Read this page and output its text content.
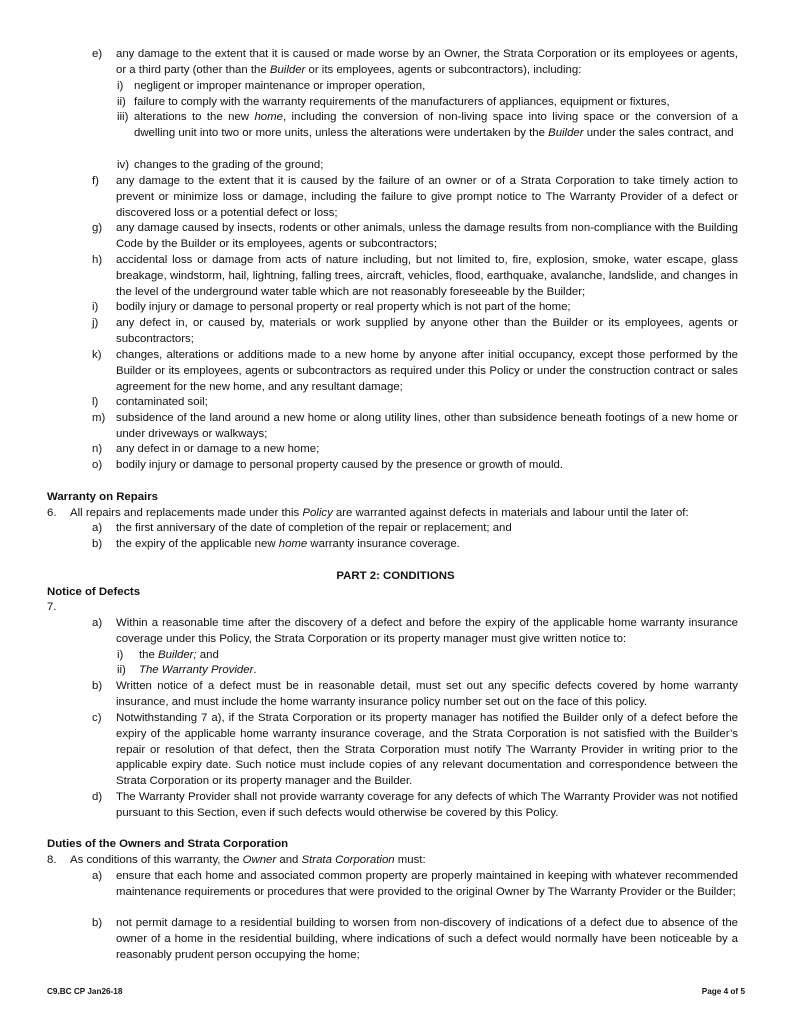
e) any damage to the extent that it is caused or made worse by an Owner, the Strata Corporation or its employees or agents, or a third party (other than the Builder or its employees, agents or subcontractors), including:

i) negligent or improper maintenance or improper operation,

ii) failure to comply with the warranty requirements of the manufacturers of appliances, equipment or fixtures,

iii) alterations to the new home, including the conversion of non-living space into living space or the conversion of a dwelling unit into two or more units, unless the alterations were undertaken by the Builder under the sales contract, and

iv) changes to the grading of the ground;

f) any damage to the extent that it is caused by the failure of an owner or of a Strata Corporation to take timely action to prevent or minimize loss or damage, including the failure to give prompt notice to The Warranty Provider of a defect or discovered loss or a potential defect or loss;

g) any damage caused by insects, rodents or other animals, unless the damage results from non-compliance with the Building Code by the Builder or its employees, agents or subcontractors;

h) accidental loss or damage from acts of nature including, but not limited to, fire, explosion, smoke, water escape, glass breakage, windstorm, hail, lightning, falling trees, aircraft, vehicles, flood, earthquake, avalanche, landslide, and changes in the level of the underground water table which are not reasonably foreseeable by the Builder;

i) bodily injury or damage to personal property or real property which is not part of the home;

j) any defect in, or caused by, materials or work supplied by anyone other than the Builder or its employees, agents or subcontractors;

k) changes, alterations or additions made to a new home by anyone after initial occupancy, except those performed by the Builder or its employees, agents or subcontractors as required under this Policy or under the construction contract or sales agreement for the new home, and any resultant damage;

l) contaminated soil;

m) subsidence of the land around a new home or along utility lines, other than subsidence beneath footings of a new home or under driveways or walkways;

n) any defect in or damage to a new home;

o) bodily injury or damage to personal property caused by the presence or growth of mould.

Warranty on Repairs

6. All repairs and replacements made under this Policy are warranted against defects in materials and labour until the later of:

a) the first anniversary of the date of completion of the repair or replacement; and

b) the expiry of the applicable new home warranty insurance coverage.

PART 2: CONDITIONS

Notice of Defects

7.

a) Within a reasonable time after the discovery of a defect and before the expiry of the applicable home warranty insurance coverage under this Policy, the Strata Corporation or its property manager must give written notice to:

i) the Builder; and

ii) The Warranty Provider.

b) Written notice of a defect must be in reasonable detail, must set out any specific defects covered by home warranty insurance, and must include the home warranty insurance policy number set out on the face of this policy.

c) Notwithstanding 7 a), if the Strata Corporation or its property manager has notified the Builder only of a defect before the expiry of the applicable home warranty insurance coverage, and the Strata Corporation is not satisfied with the Builder’s repair or resolution of that defect, then the Strata Corporation must notify The Warranty Provider in writing prior to the applicable expiry date. Such notice must include copies of any relevant documentation and correspondence between the Strata Corporation or its property manager and the Builder.

d) The Warranty Provider shall not provide warranty coverage for any defects of which The Warranty Provider was not notified pursuant to this Section, even if such defects would otherwise be covered by this Policy.

Duties of the Owners and Strata Corporation

8. As conditions of this warranty, the Owner and Strata Corporation must:

a) ensure that each home and associated common property are properly maintained in keeping with whatever recommended maintenance requirements or procedures that were provided to the original Owner by The Warranty Provider or the Builder;

b) not permit damage to a residential building to worsen from non-discovery of indications of a defect due to absence of the owner of a home in the residential building, where indications of such a defect would normally have been noticeable by a reasonably prudent person occupying the home;

C9.BC CP Jan26-18	Page 4 of 5
